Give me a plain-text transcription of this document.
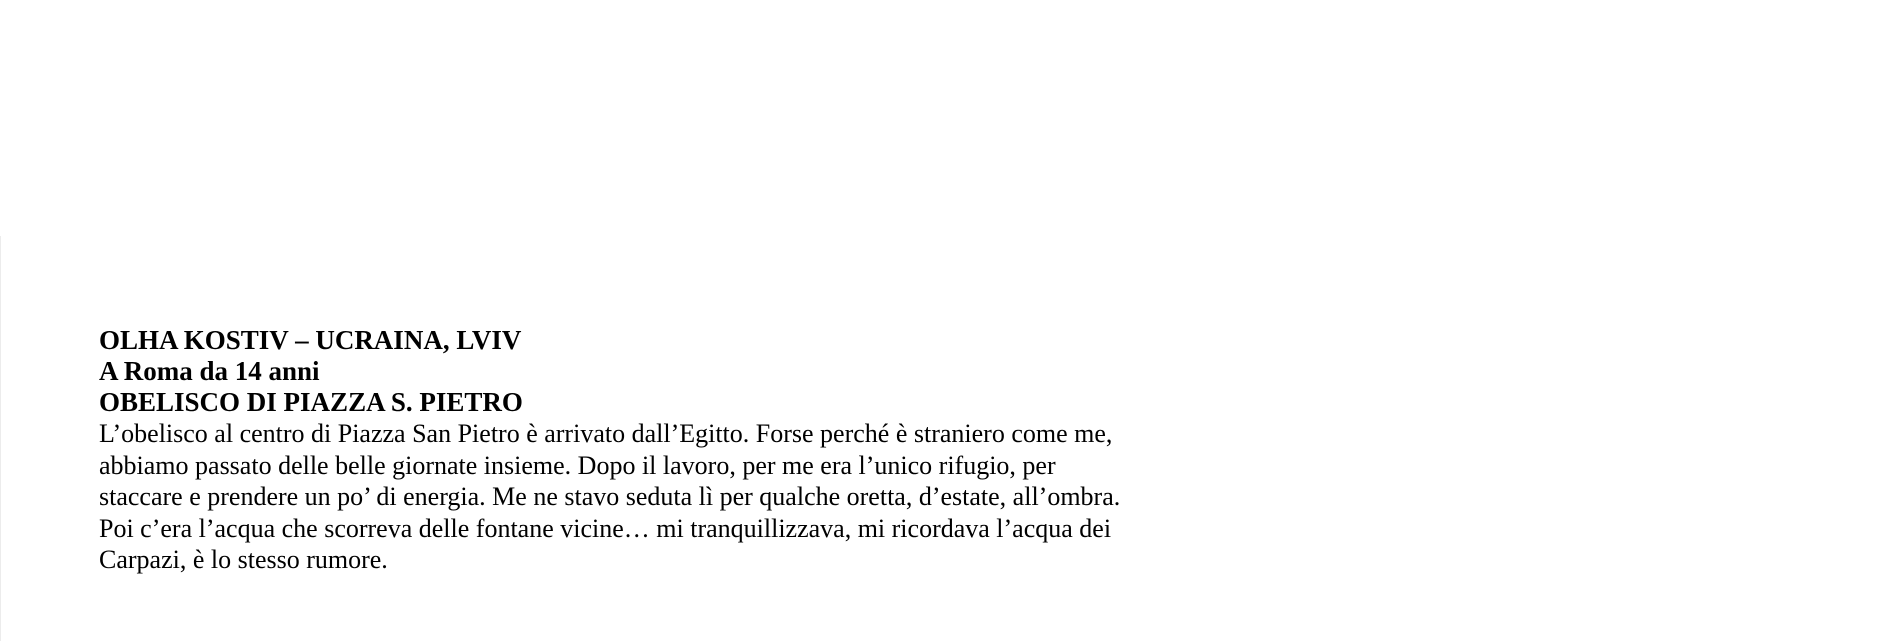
OLHA KOSTIV – UCRAINA, LVIV

A Roma da 14 anni

OBELISCO DI PIAZZA S. PIETRO

L’obelisco al centro di Piazza San Pietro è arrivato dall’Egitto. Forse perché è straniero come me,

abbiamo passato delle belle giornate insieme. Dopo il lavoro, per me era l’unico rifugio, per

staccare e prendere un po’ di energia. Me ne stavo seduta lì per qualche oretta, d’estate, all’ombra.

Poi c’era l’acqua che scorreva delle fontane vicine… mi tranquillizzava, mi ricordava l’acqua dei

Carpazi, è lo stesso rumore.
